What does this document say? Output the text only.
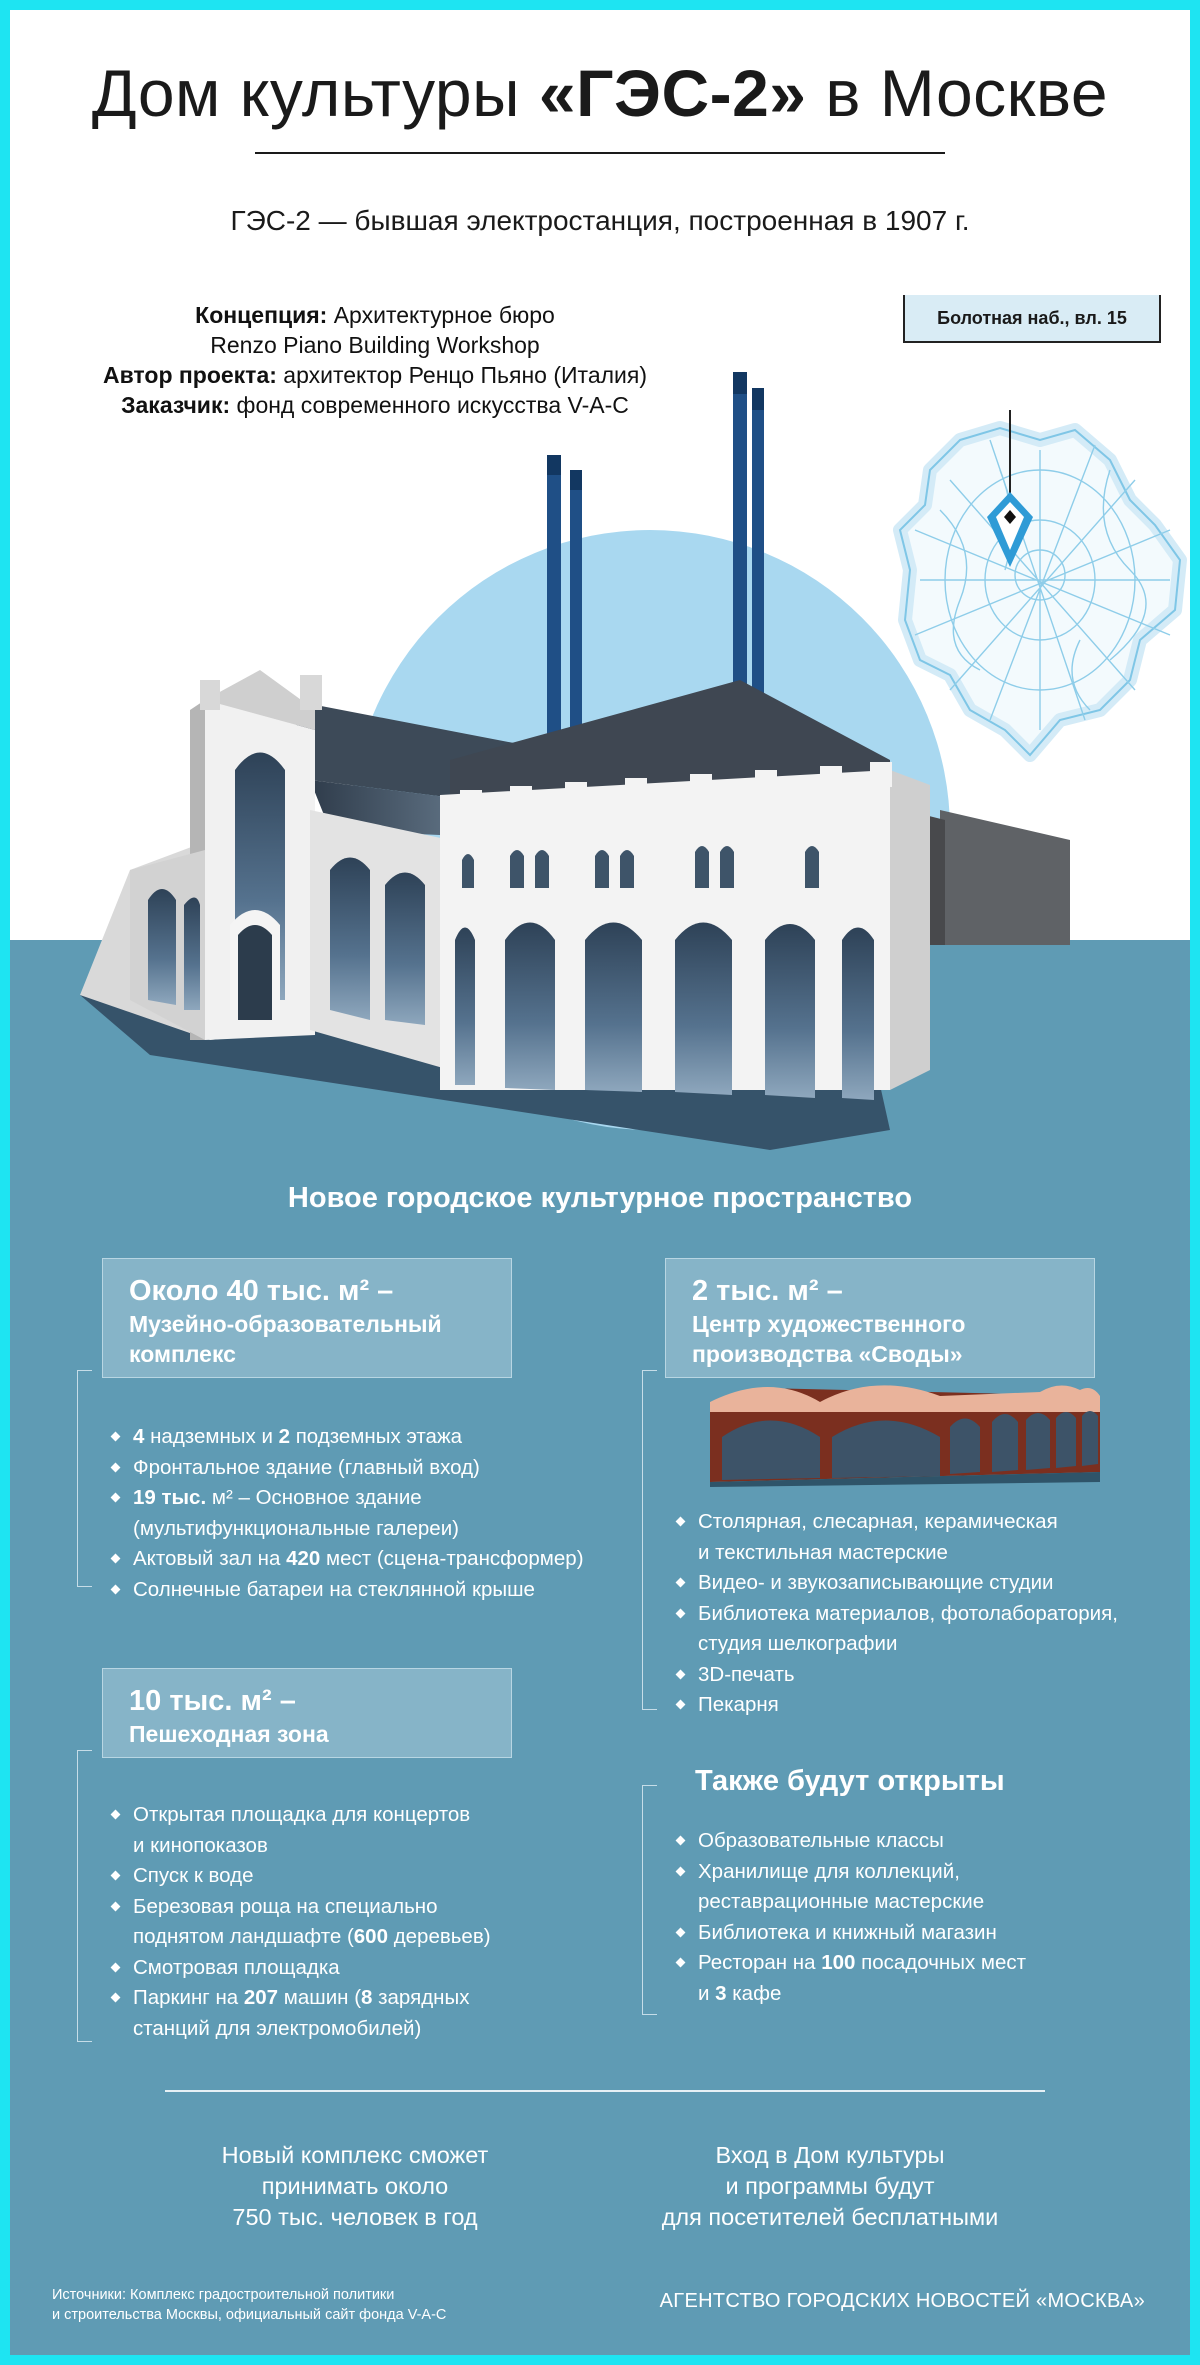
Дом культуры «ГЭС-2» в Москве
ГЭС-2 — бывшая электростанция, построенная в 1907 г.
Концепция: Архитектурное бюро
Renzo Piano Building Workshop
Автор проекта: архитектор Ренцо Пьяно (Италия)
Заказчик: фонд современного искусства V-A-C
Болотная наб., вл. 15
Новое городское культурное пространство
Около 40 тыс. м² –
Музейно-образовательный
комплекс
4 надземных и 2 подземных этажа
Фронтальное здание (главный вход)
19 тыс. м² – Основное здание
(мультифункциональные галереи)
Актовый зал на 420 мест (сцена-трансформер)
Солнечные батареи на стеклянной крыше
2 тыс. м² –
Центр художественного
производства «Своды»
Столярная, слесарная, керамическая
и текстильная мастерские
Видео- и звукозаписывающие студии
Библиотека материалов, фотолаборатория,
студия шелкографии
3D-печать
Пекарня
10 тыс. м² –
Пешеходная зона
Открытая площадка для концертов
и кинопоказов
Спуск к воде
Березовая роща на специально
поднятом ландшафте (600 деревьев)
Смотровая площадка
Паркинг на 207 машин (8 зарядных
станций для электромобилей)
Также будут открыты
Образовательные классы
Хранилище для коллекций,
реставрационные мастерские
Библиотека и книжный магазин
Ресторан на 100 посадочных мест
и 3 кафе
Новый комплекс сможет
принимать около
750 тыс. человек в год
Вход в Дом культуры
и программы будут
для посетителей бесплатными
Источники: Комплекс градостроительной политики
и строительства Москвы, официальный сайт фонда V-A-C
АГЕНТСТВО ГОРОДСКИХ НОВОСТЕЙ «МОСКВА»
